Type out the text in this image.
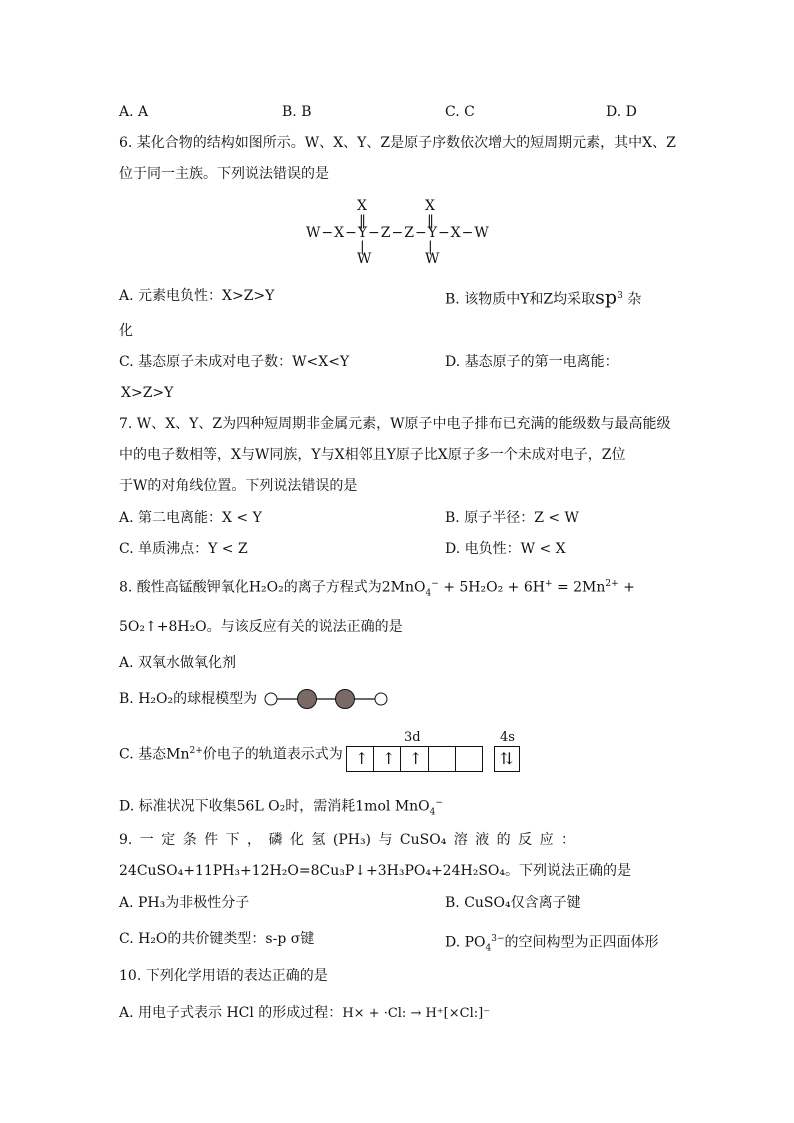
A. A	B. B	C. C	D. D
6. 某化合物的结构如图所示。W、X、Y、Z是原子序数依次增大的短周期元素，其中X、Z
位于同一主族。下列说法错误的是
X	X
‖	‖
W−X−Y−Z−Z−Y−X−W
|	|
W	W
A. 元素电负性：X>Z>Y	B. 该物质中Y和Z均采取$sp^3$ 杂
化
C. 基态原子未成对电子数：W<X<Y	D. 基态原子的第一电离能：
X>Z>Y
7. W、X、Y、Z为四种短周期非金属元素，W原子中电子排布已充满的能级数与最高能级
中的电子数相等，X与W同族，Y与X相邻且Y原子比X原子多一个未成对电子，Z位
于W的对角线位置。下列说法错误的是
A. 第二电离能：X < Y	B. 原子半径：Z < W
C. 单质沸点：Y < Z	D. 电负性：W < X
8. 酸性高锰酸钾氧化H₂O₂的离子方程式为$2MnO_4^- + 5H_2O_2 + 6H^+ = 2Mn^{2+}$ +
5O₂↑+8H₂O。与该反应有关的说法正确的是
A. 双氧水做氧化剂
B. H₂O₂的球棍模型为
C. 基态$Mn^{2+}$价电子的轨道表示式为
3d	4s
↑ ↑ ↑	⇅
D. 标准状况下收集56L O₂时，需消耗1mol MnO$_4$−
9. 一 定 条 件 下 ， 磷 化 氢 (PH₃) 与 CuSO₄ 溶 液 的 反 应 ：
24CuSO₄+11PH₃+12H₂O=8Cu₃P↓+3H₃PO₄+24H₂SO₄。下列说法正确的是
A. PH₃为非极性分子	B. CuSO₄仅含离子键
C. H₂O的共价键类型：s-p σ键	D. $PO_4^{3-}$的空间构型为正四面体形
10. 下列化学用语的表达正确的是
A. 用电子式表示 HCl 的形成过程：H× + ·Cl: → H⁺[×Cl:]⁻
